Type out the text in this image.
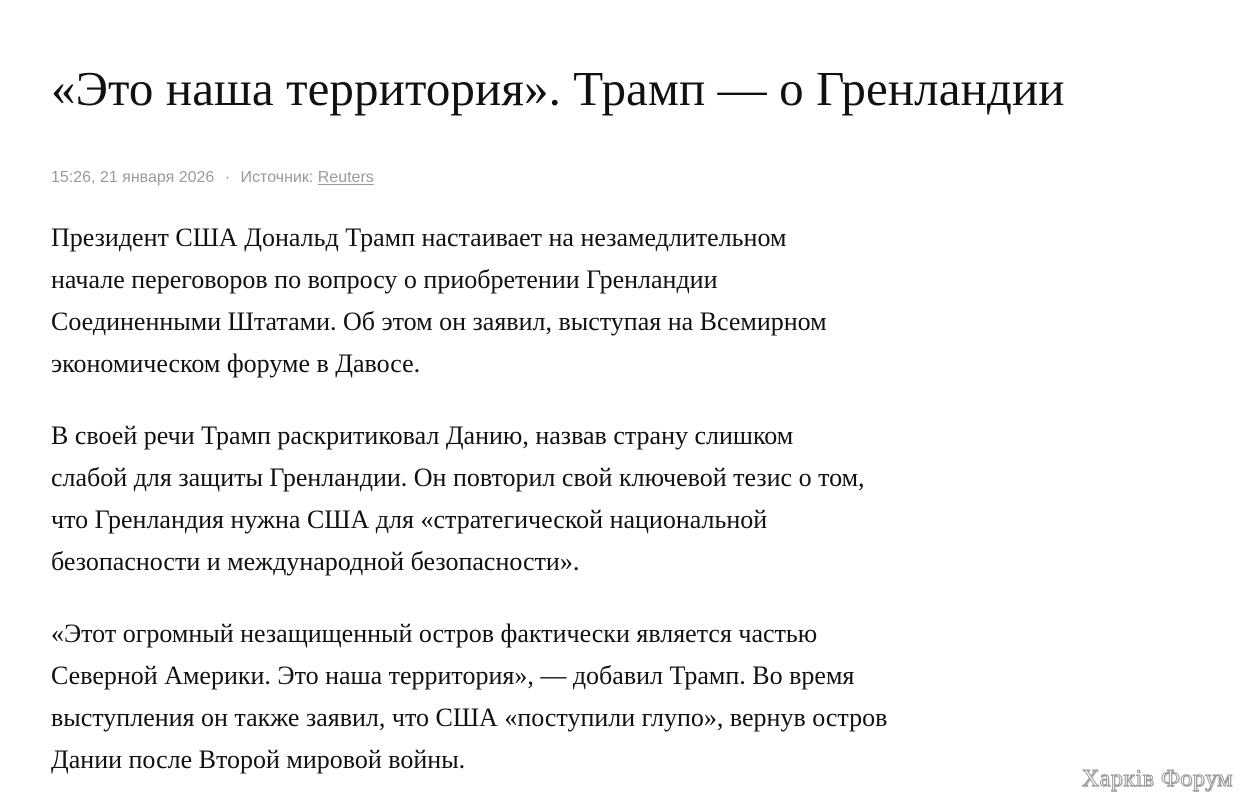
«Это наша территория». Трамп — о Гренландии
15:26, 21 января 2026 · Источник: Reuters

Президент США Дональд Трамп настаивает на незамедлительном
начале переговоров по вопросу о приобретении Гренландии
Соединенными Штатами. Об этом он заявил, выступая на Всемирном
экономическом форуме в Давосе.

В своей речи Трамп раскритиковал Данию, назвав страну слишком
слабой для защиты Гренландии. Он повторил свой ключевой тезис о том,
что Гренландия нужна США для «стратегической национальной
безопасности и международной безопасности».

«Этот огромный незащищенный остров фактически является частью
Северной Америки. Это наша территория», — добавил Трамп. Во время
выступления он также заявил, что США «поступили глупо», вернув остров
Дании после Второй мировой войны.

Харків Форум
